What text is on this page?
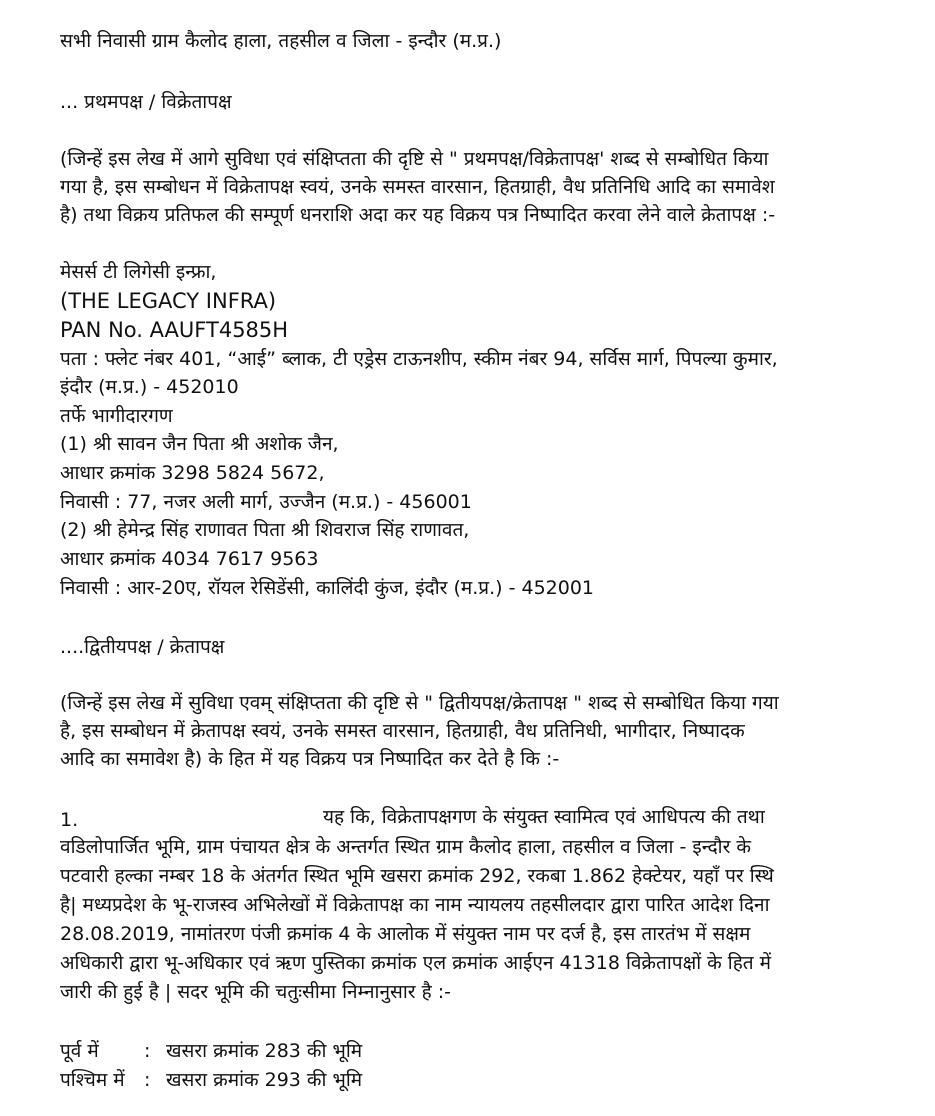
सभी निवासी ग्राम कैलोद हाला, तहसील व जिला - इन्दौर (म.प्र.)
... प्रथमपक्ष / विक्रेतापक्ष
(जिन्हें इस लेख में आगे सुविधा एवं संक्षिप्तता की दृष्टि से " प्रथमपक्ष/विक्रेतापक्ष' शब्द से सम्बोधित किया
गया है, इस सम्बोधन में विक्रेतापक्ष स्वयं, उनके समस्त वारसान, हितग्राही, वैध प्रतिनिधि आदि का समावेश
है) तथा विक्रय प्रतिफल की सम्पूर्ण धनराशि अदा कर यह विक्रय पत्र निष्पादित करवा लेने वाले क्रेतापक्ष :-
मेसर्स टी लिगेसी इन्फ्रा,
(THE LEGACY INFRA)
PAN No. AAUFT4585H
पता : फ्लेट नंबर 401, “आई” ब्लाक, टी एड्रेस टाऊनशीप, स्कीम नंबर 94, सर्विस मार्ग, पिपल्या कुमार,
इंदौर (म.प्र.) - 452010
तर्फे भागीदारगण
(1) श्री सावन जैन पिता श्री अशोक जैन,
आधार क्रमांक 3298 5824 5672,
निवासी : 77, नजर अली मार्ग, उज्जैन (म.प्र.) - 456001
(2) श्री हेमेन्द्र सिंह राणावत पिता श्री शिवराज सिंह राणावत,
आधार क्रमांक 4034 7617 9563
निवासी : आर-20ए, रॉयल रेसिडेंसी, कालिंदी कुंज, इंदौर (म.प्र.) - 452001
....द्वितीयपक्ष / क्रेतापक्ष
(जिन्हें इस लेख में सुविधा एवम् संक्षिप्तता की दृष्टि से " द्वितीयपक्ष/क्रेतापक्ष " शब्द से सम्बोधित किया गया
है, इस सम्बोधन में क्रेतापक्ष स्वयं, उनके समस्त वारसान, हितग्राही, वैध प्रतिनिधी, भागीदार, निष्पादक
आदि का समावेश है) के हित में यह विक्रय पत्र निष्पादित कर देते है कि :-
1.	यह कि, विक्रेतापक्षगण के संयुक्त स्वामित्व एवं आधिपत्य की तथा
वडिलोपार्जित भूमि, ग्राम पंचायत क्षेत्र के अन्तर्गत स्थित ग्राम कैलोद हाला, तहसील व जिला - इन्दौर के
पटवारी हल्का नम्बर 18 के अंतर्गत स्थित भूमि खसरा क्रमांक 292, रकबा 1.862 हेक्टेयर, यहाँ पर स्थि
है| मध्यप्रदेश के भू-राजस्व अभिलेखों में विक्रेतापक्ष का नाम न्यायलय तहसीलदार द्वारा पारित आदेश दिना
28.08.2019, नामांतरण पंजी क्रमांक 4 के आलोक में संयुक्त नाम पर दर्ज है, इस तारतंभ में सक्षम
अधिकारी द्वारा भू-अधिकार एवं ऋण पुस्तिका क्रमांक एल क्रमांक आईएन 41318 विक्रेतापक्षों के हित में
जारी की हुई है | सदर भूमि की चतुःसीमा निम्नानुसार है :-
पूर्व में : खसरा क्रमांक 283 की भूमि
पश्चिम में : खसरा क्रमांक 293 की भूमि
